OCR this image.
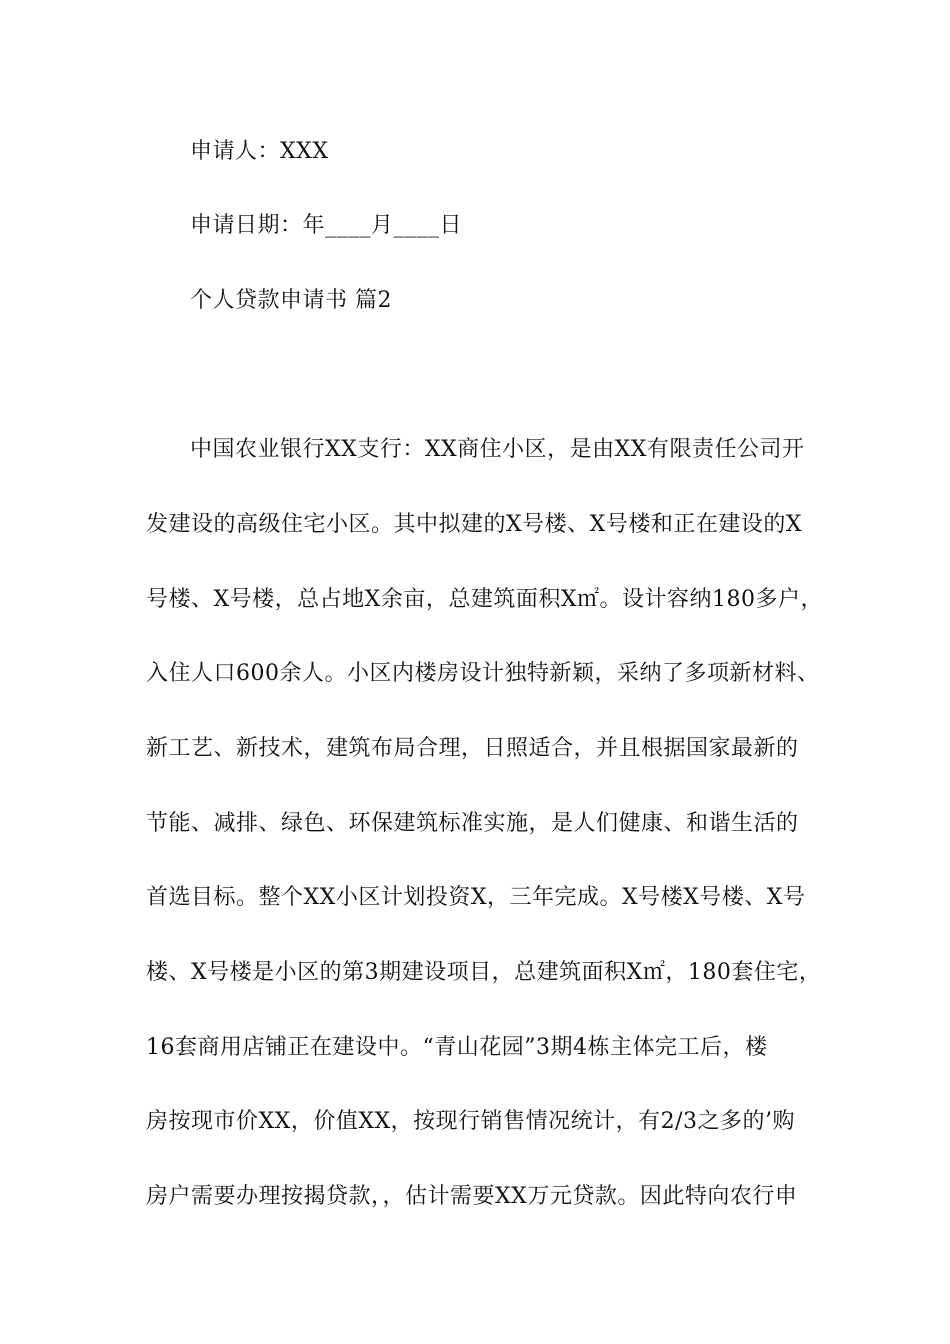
申请人：XXX
申请日期：年____月____日
个人贷款申请书 篇2
中国农业银行XX支行：XX商住小区，是由XX有限责任公司开
发建设的高级住宅小区。其中拟建的X号楼、X号楼和正在建设的X
号楼、X号楼，总占地X余亩，总建筑面积X㎡。设计容纳180多户，
入住人口600余人。小区内楼房设计独特新颖，采纳了多项新材料、
新工艺、新技术，建筑布局合理，日照适合，并且根据国家最新的
节能、减排、绿色、环保建筑标准实施，是人们健康、和谐生活的
首选目标。整个XX小区计划投资X，三年完成。X号楼X号楼、X号
楼、X号楼是小区的第3期建设项目，总建筑面积X㎡，180套住宅，
16套商用店铺正在建设中。“青山花园”3期4栋主体完工后，楼
房按现市价XX，价值XX，按现行销售情况统计，有2/3之多的’购
房户需要办理按揭贷款，，估计需要XX万元贷款。因此特向农行申
